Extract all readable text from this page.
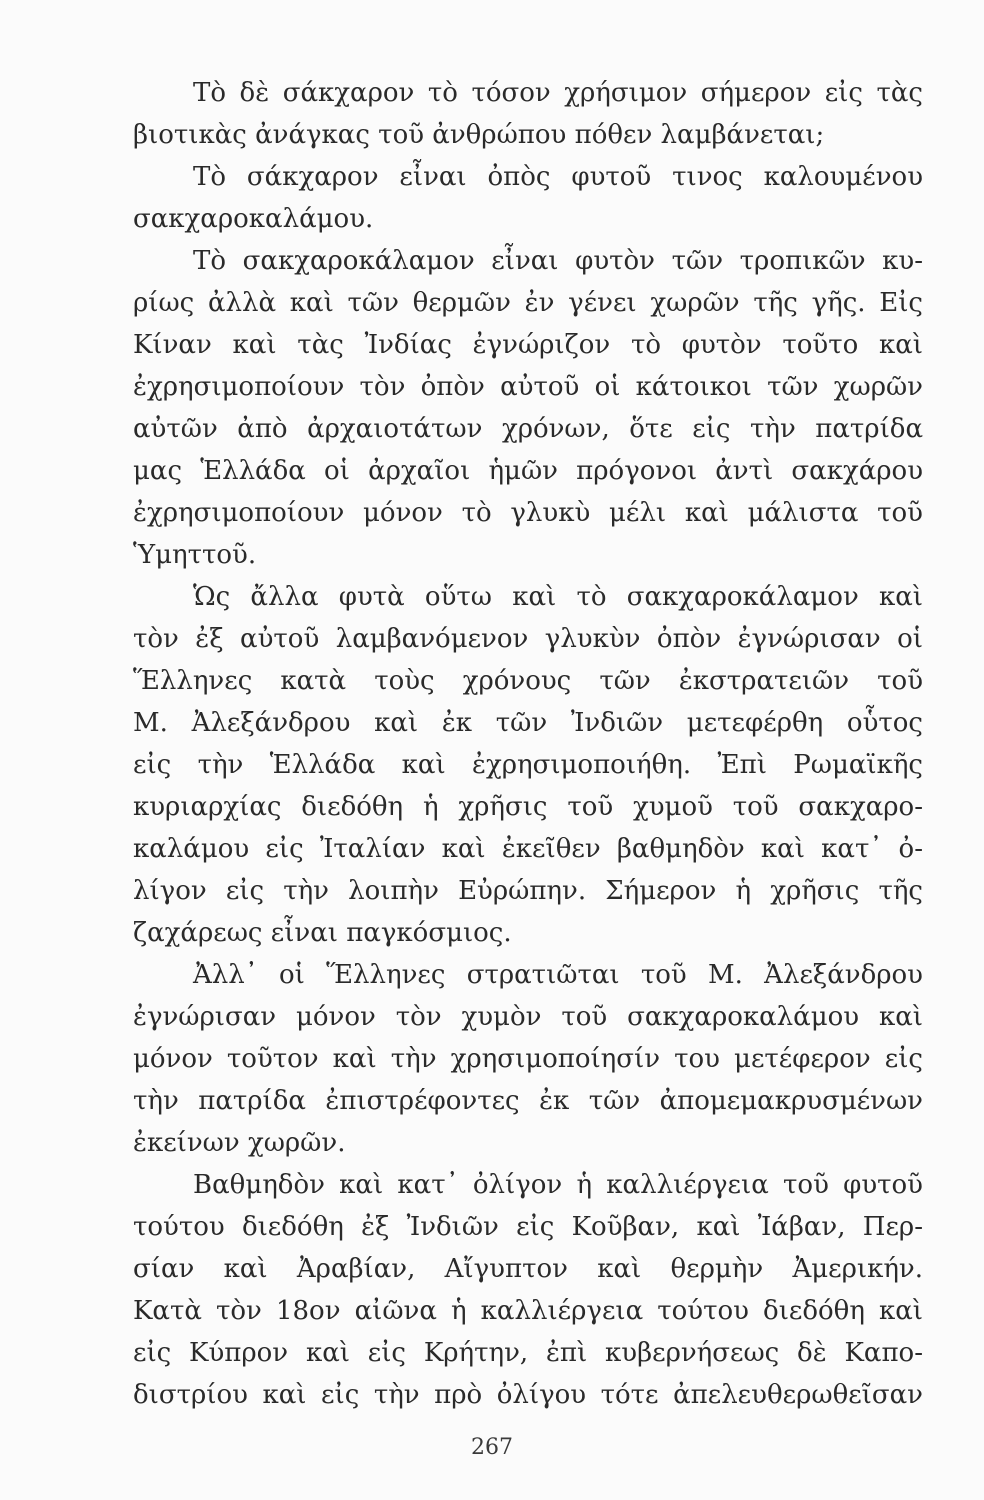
Τὸ δὲ σάκχαρον τὸ τόσον χρήσιμον σήμερον εἰς τὰς
βιοτικὰς ἀνάγκας τοῦ ἀνθρώπου πόθεν λαμβάνεται;
Τὸ σάκχαρον εἶναι ὀπὸς φυτοῦ τινος καλουμένου
σακχαροκαλάμου.
Τὸ σακχαροκάλαμον εἶναι φυτὸν τῶν τροπικῶν κυ-
ρίως ἀλλὰ καὶ τῶν θερμῶν ἐν γένει χωρῶν τῆς γῆς. Εἰς
Κίναν καὶ τὰς Ἰνδίας ἐγνώριζον τὸ φυτὸν τοῦτο καὶ
ἐχρησιμοποίουν τὸν ὀπὸν αὐτοῦ οἱ κάτοικοι τῶν χωρῶν
αὐτῶν ἀπὸ ἀρχαιοτάτων χρόνων, ὅτε εἰς τὴν πατρίδα
μας Ἑλλάδα οἱ ἀρχαῖοι ἡμῶν πρόγονοι ἀντὶ σακχάρου
ἐχρησιμοποίουν μόνον τὸ γλυκὺ μέλι καὶ μάλιστα τοῦ
Ὑμηττοῦ.
Ὡς ἄλλα φυτὰ οὕτω καὶ τὸ σακχαροκάλαμον καὶ
τὸν ἐξ αὐτοῦ λαμβανόμενον γλυκὺν ὀπὸν ἐγνώρισαν οἱ
Ἕλληνες κατὰ τοὺς χρόνους τῶν ἐκστρατειῶν τοῦ
Μ. Ἀλεξάνδρου καὶ ἐκ τῶν Ἰνδιῶν μετεφέρθη οὗτος
εἰς τὴν Ἑλλάδα καὶ ἐχρησιμοποιήθη. Ἐπὶ Ρωμαϊκῆς
κυριαρχίας διεδόθη ἡ χρῆσις τοῦ χυμοῦ τοῦ σακχαρο-
καλάμου εἰς Ἰταλίαν καὶ ἐκεῖθεν βαθμηδὸν καὶ κατ᾽ ὀ-
λίγον εἰς τὴν λοιπὴν Εὐρώπην. Σήμερον ἡ χρῆσις τῆς
ζαχάρεως εἶναι παγκόσμιος.
Ἀλλ᾽ οἱ Ἕλληνες στρατιῶται τοῦ Μ. Ἀλεξάνδρου
ἐγνώρισαν μόνον τὸν χυμὸν τοῦ σακχαροκαλάμου καὶ
μόνον τοῦτον καὶ τὴν χρησιμοποίησίν του μετέφερον εἰς
τὴν πατρίδα ἐπιστρέφοντες ἐκ τῶν ἀπομεμακρυσμένων
ἐκείνων χωρῶν.
Βαθμηδὸν καὶ κατ᾽ ὀλίγον ἡ καλλιέργεια τοῦ φυτοῦ
τούτου διεδόθη ἐξ Ἰνδιῶν εἰς Κοῦβαν, καὶ Ἰάβαν, Περ-
σίαν καὶ Ἀραβίαν, Αἴγυπτον καὶ θερμὴν Ἀμερικήν.
Κατὰ τὸν 18ον αἰῶνα ἡ καλλιέργεια τούτου διεδόθη καὶ
εἰς Κύπρον καὶ εἰς Κρήτην, ἐπὶ κυβερνήσεως δὲ Καπο-
διστρίου καὶ εἰς τὴν πρὸ ὀλίγου τότε ἀπελευθερωθεῖσαν
267
